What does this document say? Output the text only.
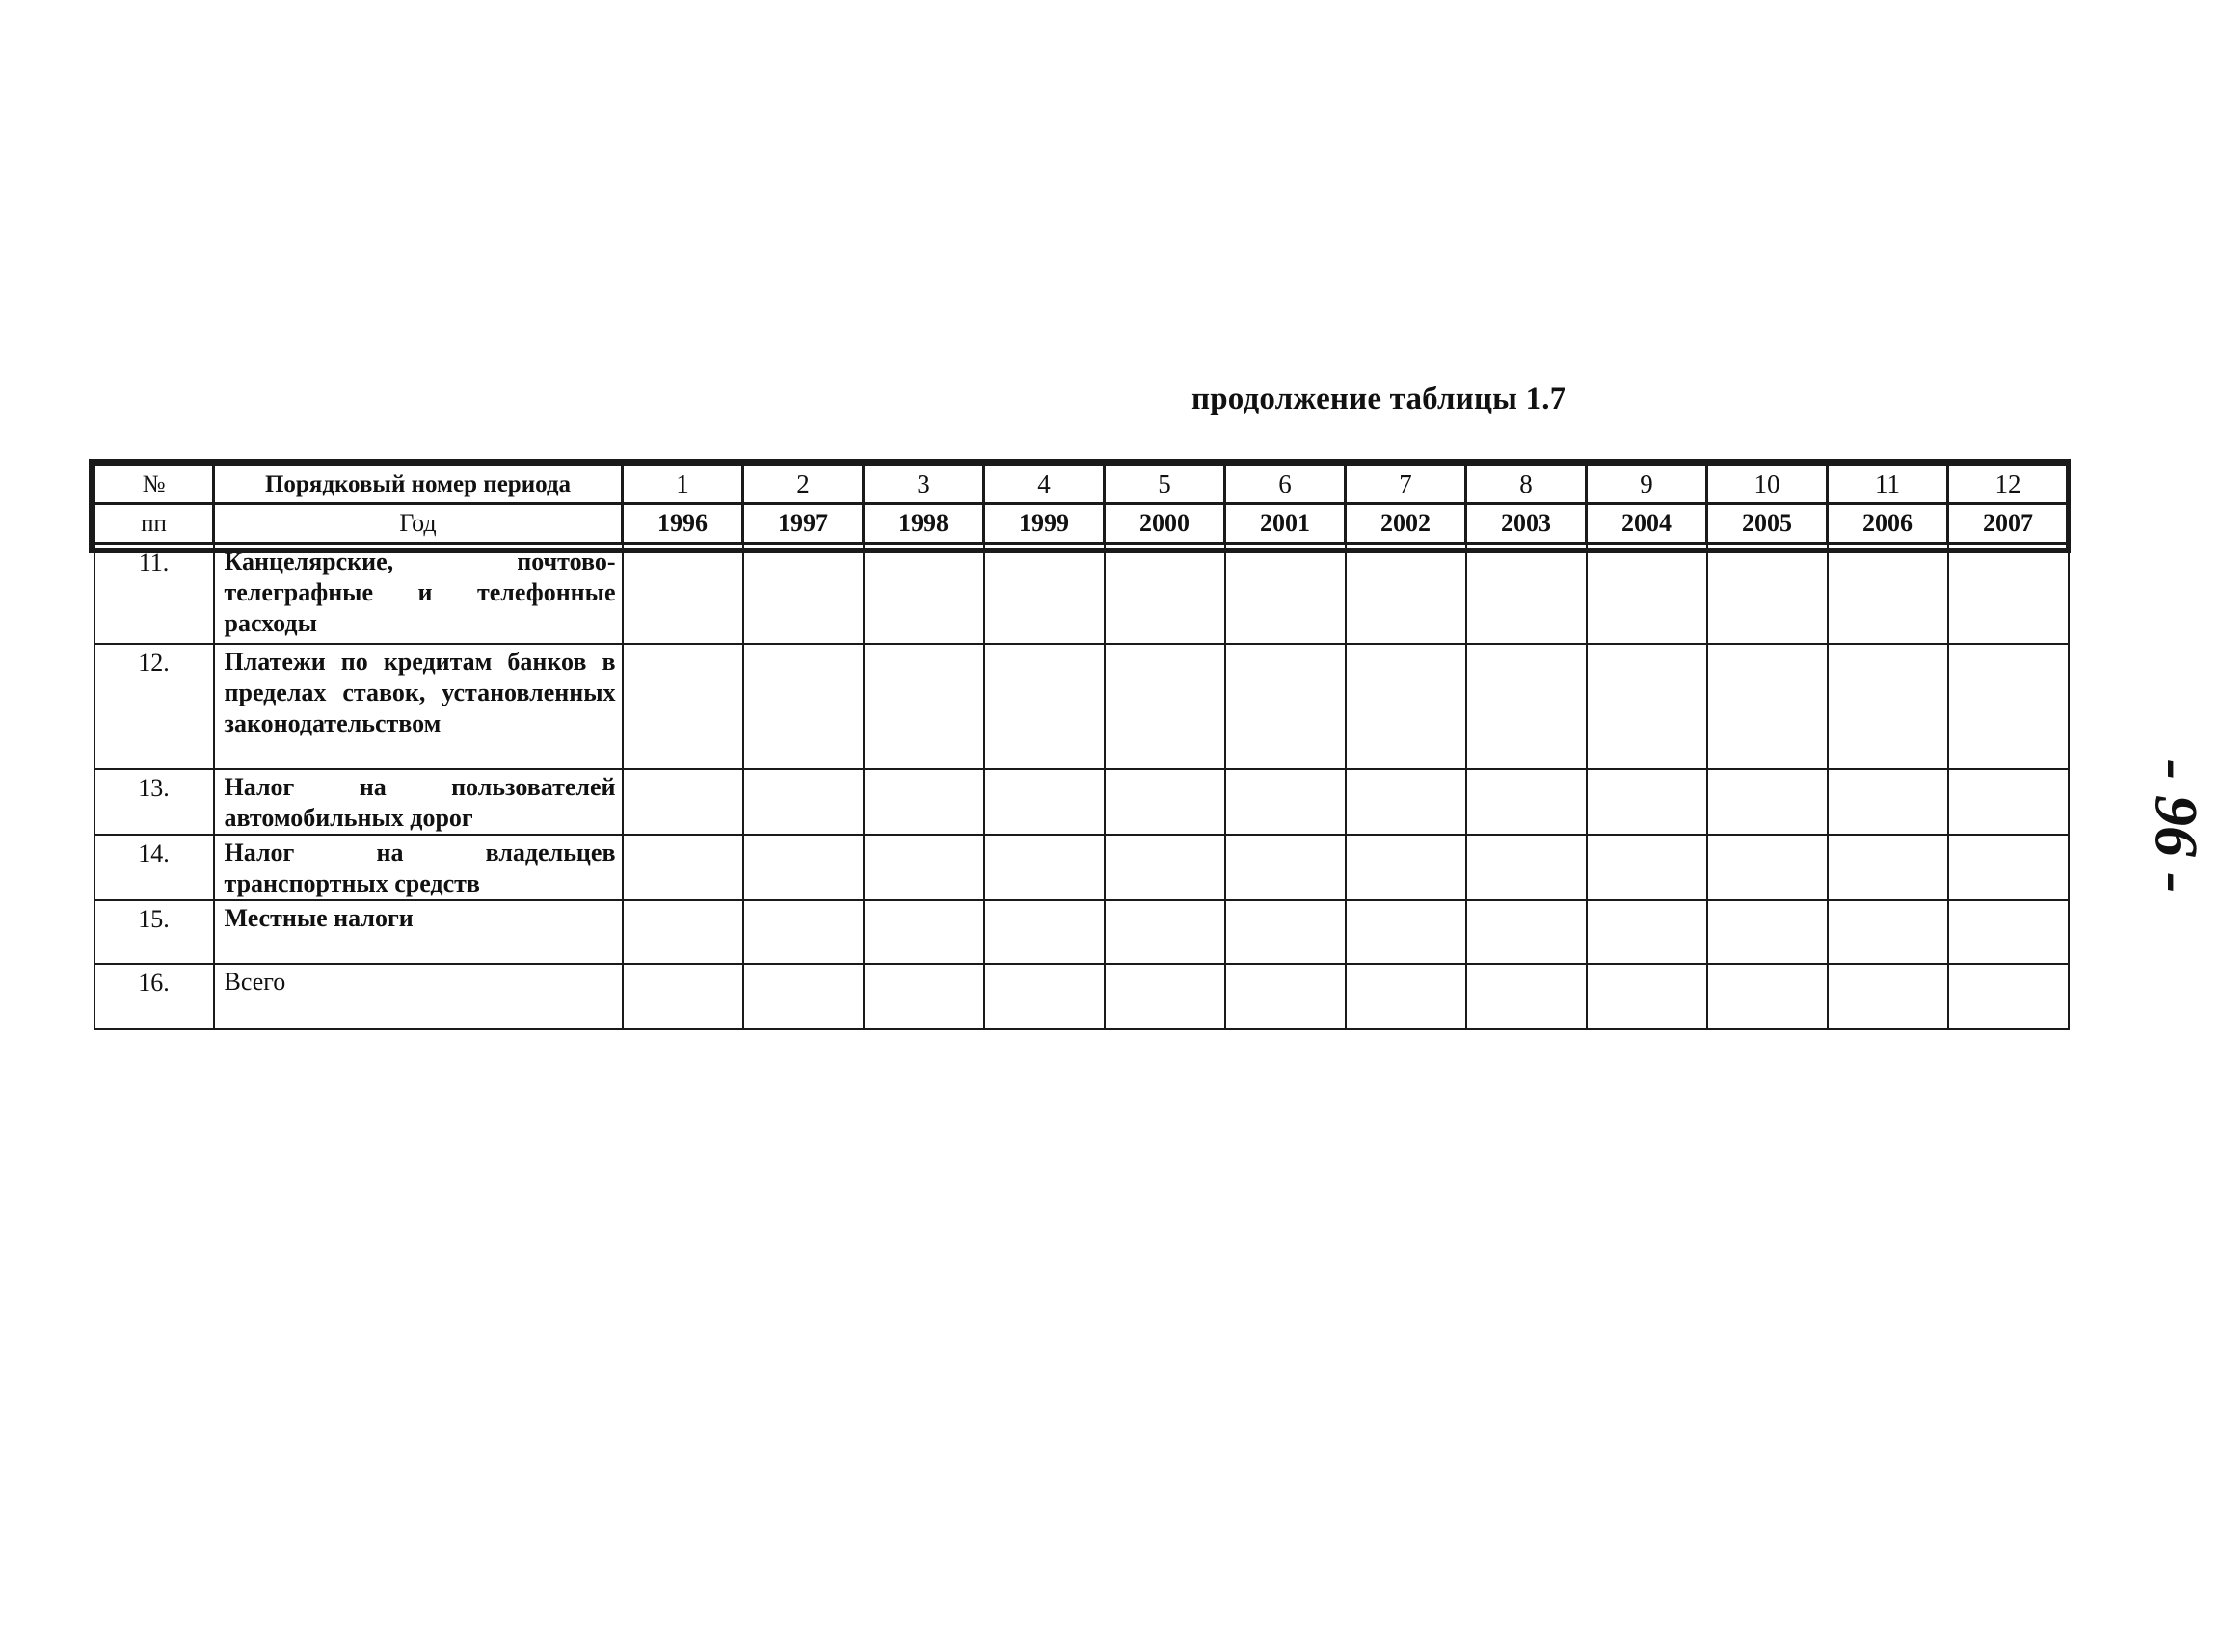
продолжение таблицы 1.7
№	Порядковый номер периода	1	2	3	4	5	6	7	8	9	10	11	12
пп	Год	1996	1997	1998	1999	2000	2001	2002	2003	2004	2005	2006	2007
11.	Канцелярские, почтово-телеграфные и телефонные расходы												
12.	Платежи по кредитам банков в пределах ставок, установленных законодательством												
13.	Налог на пользователей автомобильных дорог												
14.	Налог на владельцев транспортных средств												
15.	Местные налоги												
16.	Всего												
- 96 -
